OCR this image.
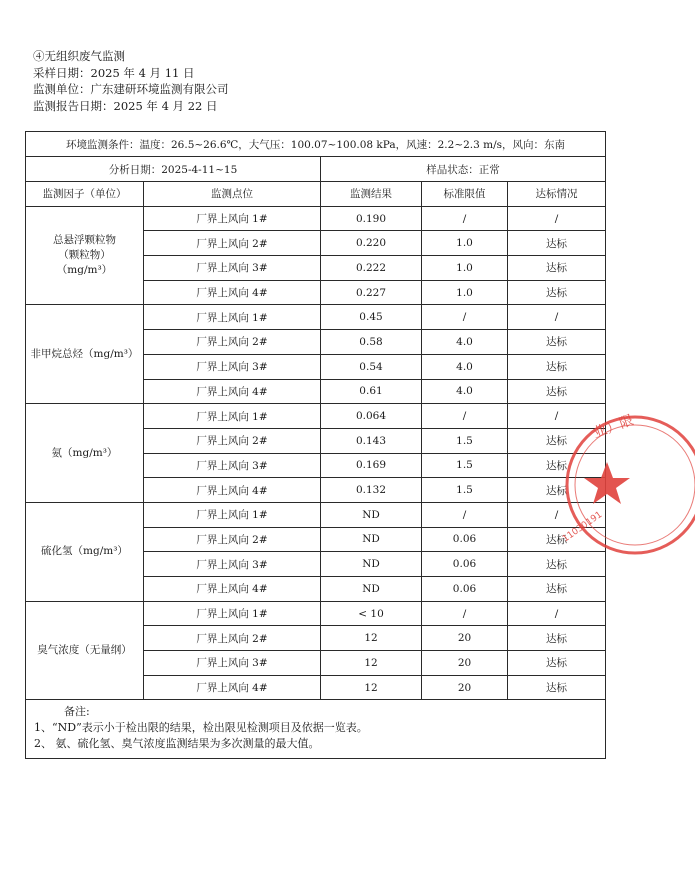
④无组织废气监测
采样日期：2025 年 4 月 11 日
监测单位：广东建研环境监测有限公司
监测报告日期：2025 年 4 月 22 日
环境监测条件：温度：26.5~26.6℃，大气压：100.07~100.08 kPa，风速：2.2~2.3 m/s，风向：东南				
分析日期：2025-4-11~15		样品状态：正常		
监测因子（单位）	监测点位	监测结果	标准限值	达标情况

总悬浮颗粒物
（颗粒物）
（mg/m³）	厂界上风向 1#	0.190	/	/
	厂界上风向 2#	0.220	1.0	达标
	厂界上风向 3#	0.222	1.0	达标
	厂界上风向 4#	0.227	1.0	达标

非甲烷总烃（mg/m³）	厂界上风向 1#	0.45	/	/
	厂界上风向 2#	0.58	4.0	达标
	厂界上风向 3#	0.54	4.0	达标
	厂界上风向 4#	0.61	4.0	达标

氨（mg/m³）	厂界上风向 1#	0.064	/	/
	厂界上风向 2#	0.143	1.5	达标
	厂界上风向 3#	0.169	1.5	达标
	厂界上风向 4#	0.132	1.5	达标

硫化氢（mg/m³）	厂界上风向 1#	ND	/	/
	厂界上风向 2#	ND	0.06	达标
	厂界上风向 3#	ND	0.06	达标
	厂界上风向 4#	ND	0.06	达标

臭气浓度（无量纲）	厂界上风向 1#	< 10	/	/
	厂界上风向 2#	12	20	达标
	厂界上风向 3#	12	20	达标
	厂界上风向 4#	12	20	达标

备注:
1、“ND”表示小于检出限的结果，检出限见检测项目及依据一览表。
2、 氨、硫化氢、臭气浓度监测结果为多次测量的最大值。				
业）限
11030191
